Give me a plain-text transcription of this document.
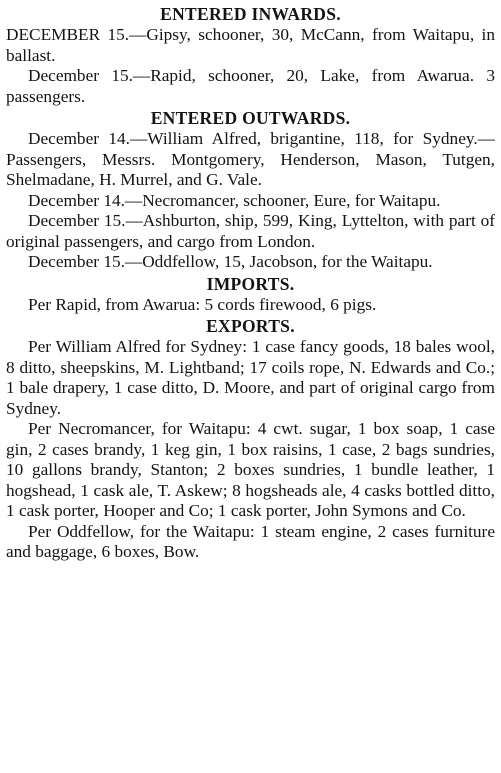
ENTERED INWARDS.

DECEMBER 15.—Gipsy, schooner, 30, McCann, from Waitapu, in ballast.

December 15.—Rapid, schooner, 20, Lake, from Awarua. 3 passengers.

ENTERED OUTWARDS.

December 14.—William Alfred, brigantine, 118, for Sydney.—Passengers, Messrs. Montgomery, Henderson, Mason, Tutgen, Shelmadane, H. Murrel, and G. Vale.

December 14.—Necromancer, schooner, Eure, for Waitapu.

December 15.—Ashburton, ship, 599, King, Lyttelton, with part of original passengers, and cargo from London.

December 15.—Oddfellow, 15, Jacobson, for the Waitapu.

IMPORTS.

Per Rapid, from Awarua: 5 cords firewood, 6 pigs.

EXPORTS.

Per William Alfred for Sydney: 1 case fancy goods, 18 bales wool, 8 ditto, sheepskins, M. Lightband; 17 coils rope, N. Edwards and Co.; 1 bale drapery, 1 case ditto, D. Moore, and part of original cargo from Sydney.

Per Necromancer, for Waitapu: 4 cwt. sugar, 1 box soap, 1 case gin, 2 cases brandy, 1 keg gin, 1 box raisins, 1 case, 2 bags sundries, 10 gallons brandy, Stanton; 2 boxes sundries, 1 bundle leather, 1 hogshead, 1 cask ale, T. Askew; 8 hogsheads ale, 4 casks bottled ditto, 1 cask porter, Hooper and Co; 1 cask porter, John Symons and Co.

Per Oddfellow, for the Waitapu: 1 steam engine, 2 cases furniture and baggage, 6 boxes, Bow.
